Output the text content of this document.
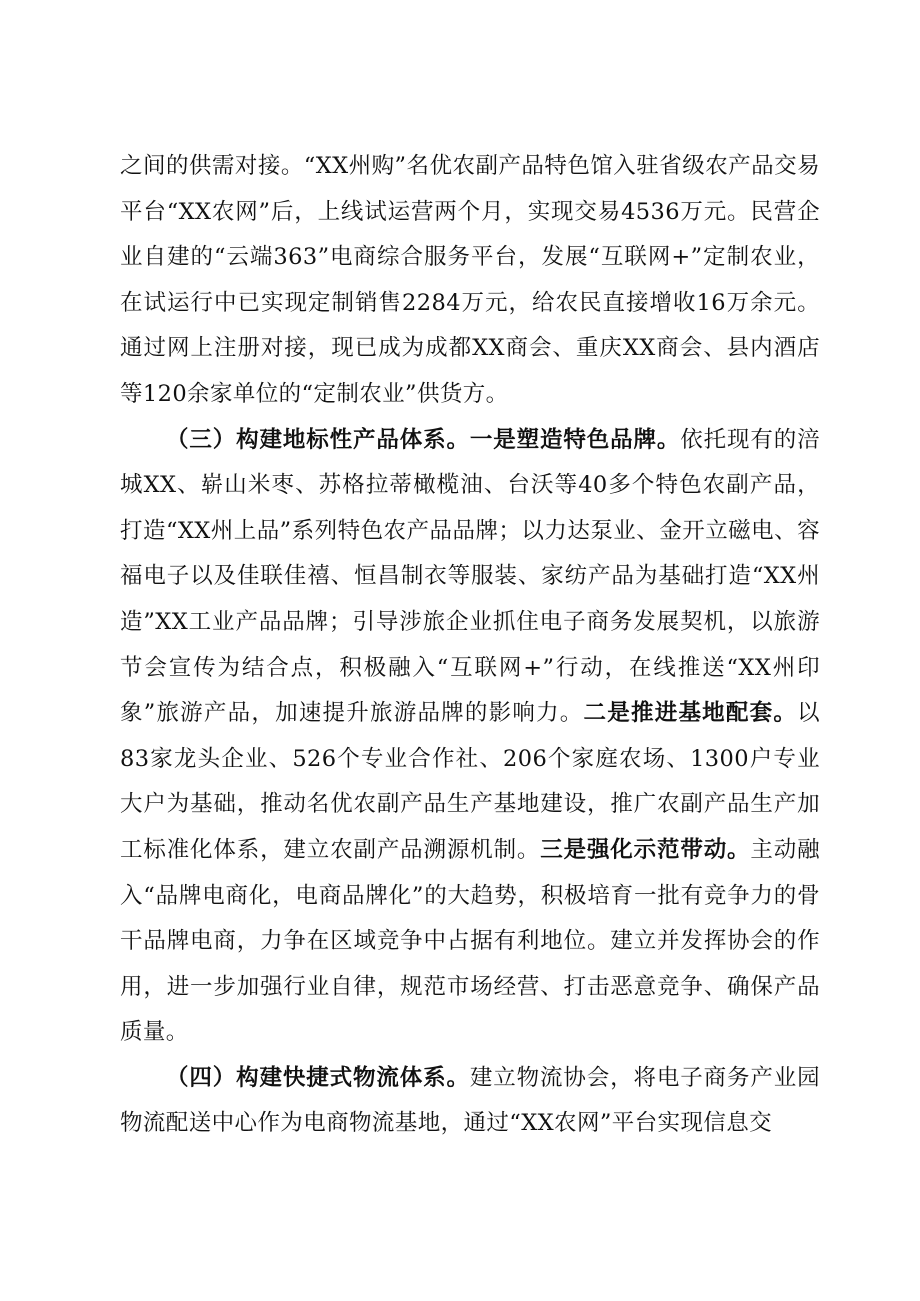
之间的供需对接。“XX州购”名优农副产品特色馆入驻省级农产品交易平台“XX农网”后，上线试运营两个月，实现交易4536万元。民营企业自建的“云端363”电商综合服务平台，发展“互联网+”定制农业，在试运行中已实现定制销售2284万元，给农民直接增收16万余元。通过网上注册对接，现已成为成都XX商会、重庆XX商会、县内酒店等120余家单位的“定制农业”供货方。

（三）构建地标性产品体系。一是塑造特色品牌。依托现有的涪城XX、崭山米枣、苏格拉蒂橄榄油、台沃等40多个特色农副产品，打造“XX州上品”系列特色农产品品牌；以力达泵业、金开立磁电、容福电子以及佳联佳禧、恒昌制衣等服装、家纺产品为基础打造“XX州造”XX工业产品品牌；引导涉旅企业抓住电子商务发展契机，以旅游节会宣传为结合点，积极融入“互联网+”行动，在线推送“XX州印象”旅游产品，加速提升旅游品牌的影响力。二是推进基地配套。以83家龙头企业、526个专业合作社、206个家庭农场、1300户专业大户为基础，推动名优农副产品生产基地建设，推广农副产品生产加工标准化体系，建立农副产品溯源机制。三是强化示范带动。主动融入“品牌电商化，电商品牌化”的大趋势，积极培育一批有竞争力的骨干品牌电商，力争在区域竞争中占据有利地位。建立并发挥协会的作用，进一步加强行业自律，规范市场经营、打击恶意竞争、确保产品质量。

（四）构建快捷式物流体系。建立物流协会，将电子商务产业园物流配送中心作为电商物流基地，通过“XX农网”平台实现信息交
